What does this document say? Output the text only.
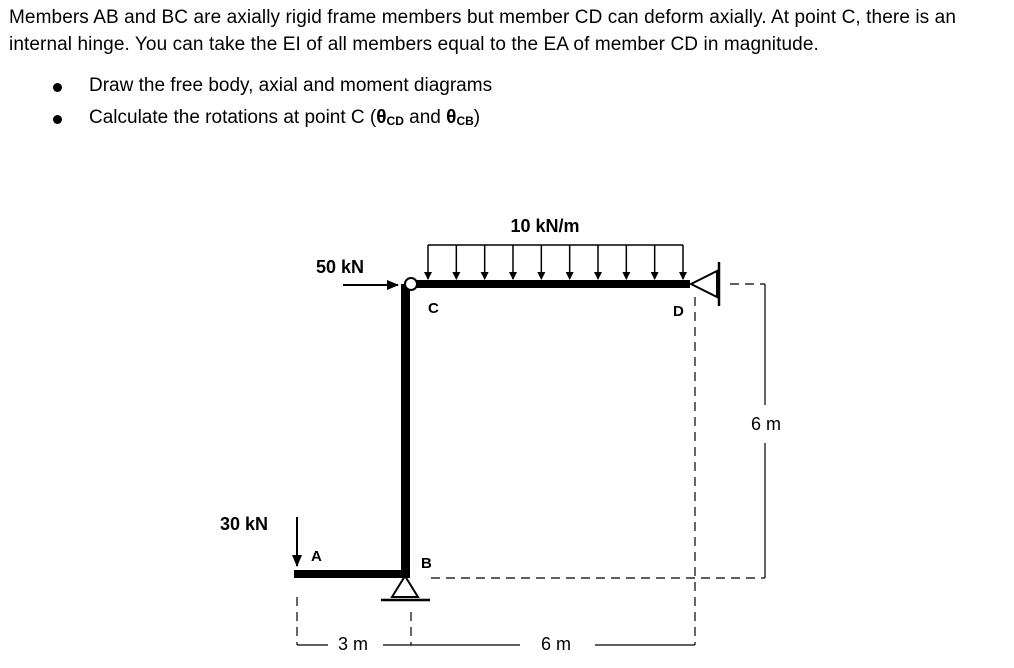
Members AB and BC are axially rigid frame members but member CD can deform axially. At point C, there is an internal hinge. You can take the EI of all members equal to the EA of member CD in magnitude.

Draw the free body, axial and moment diagrams
Calculate the rotations at point C ($\theta_{CD}$ and $\theta_{CB}$)
10 kN/m
50 kN
30 kN
A	B
C	D
3 m	6 m
6 m
